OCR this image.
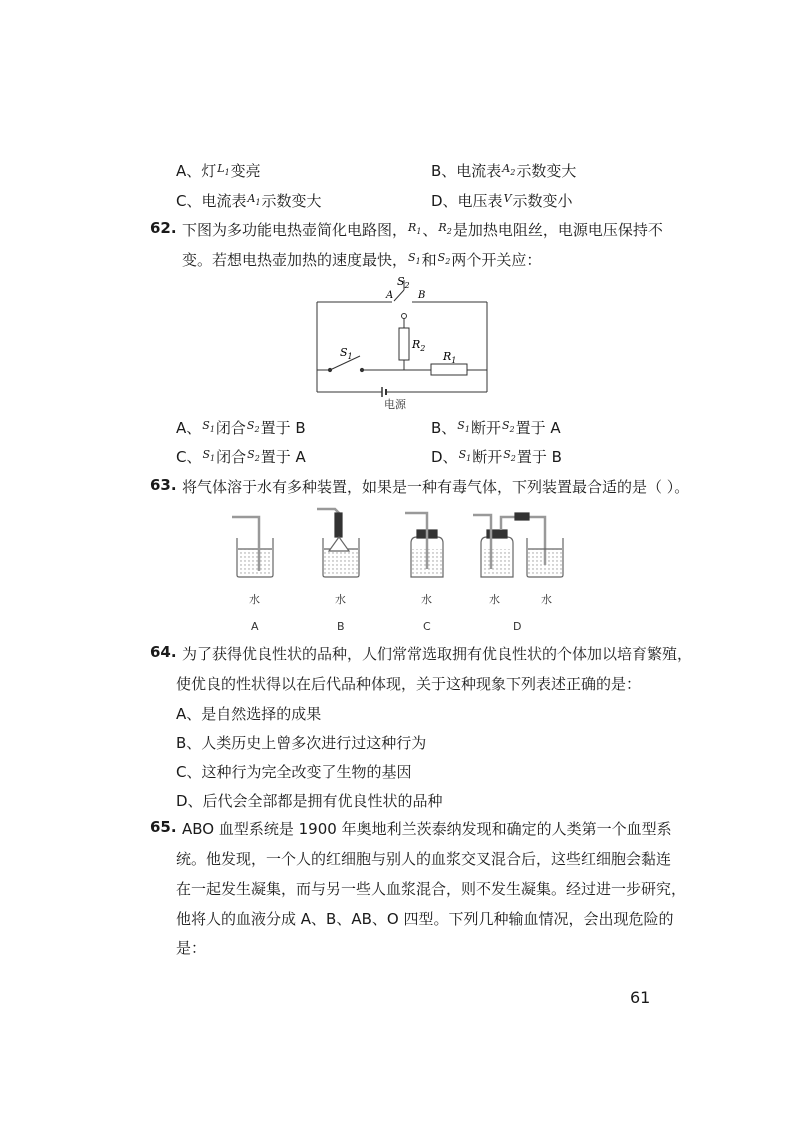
A、灯$^{L_1}$变亮	B、电流表$^{A_2}$示数变大
C、电流表$^{A_1}$示数变大	D、电压表$^V$示数变小
62. 下图为多功能电热壶简化电路图，$^{R_1}$、$^{R_2}$是加热电阻丝，电源电压保持不
变。若想电热壶加热的速度最快，$^{S_1}$和$^{S_2}$两个开关应：
$S_2$
A B
$R_2$
$S_1$	$R_1$
电源
A、$^{S_1}$闭合$^{S_2}$置于 B	B、$^{S_1}$断开$^{S_2}$置于 A
C、$^{S_1}$闭合$^{S_2}$置于 A	D、$^{S_1}$断开$^{S_2}$置于 B
63. 将气体溶于水有多种装置，如果是一种有毒气体，下列装置最合适的是（ ）。
水	水	水	水	水
A	B	C	D
64. 为了获得优良性状的品种，人们常常选取拥有优良性状的个体加以培育繁殖，
使优良的性状得以在后代品种体现，关于这种现象下列表述正确的是：
A、是自然选择的成果
B、人类历史上曾多次进行过这种行为
C、这种行为完全改变了生物的基因
D、后代会全部都是拥有优良性状的品种
65. ABO 血型系统是 1900 年奥地利兰茨泰纳发现和确定的人类第一个血型系
统。他发现，一个人的红细胞与别人的血浆交叉混合后，这些红细胞会黏连
在一起发生凝集，而与另一些人血浆混合，则不发生凝集。经过进一步研究，
他将人的血液分成 A、B、AB、O 四型。下列几种输血情况，会出现危险的
是：
61
